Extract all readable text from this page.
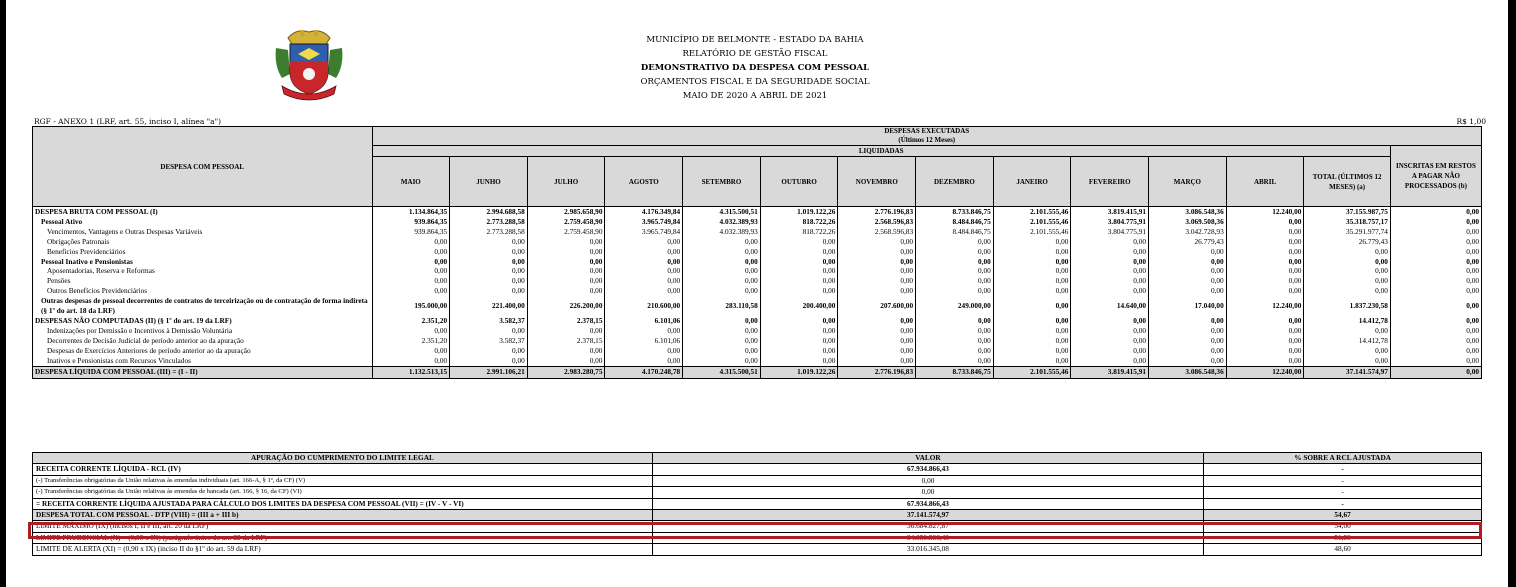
MUNICÍPIO DE BELMONTE - ESTADO DA BAHIA
RELATÓRIO DE GESTÃO FISCAL
DEMONSTRATIVO DA DESPESA COM PESSOAL
ORÇAMENTOS FISCAL E DA SEGURIDADE SOCIAL
MAIO DE 2020 A ABRIL DE 2021
RGF - ANEXO 1 (LRF, art. 55, inciso I, alínea "a")	R$ 1,00
DESPESA COM PESSOAL	DESPESAS EXECUTADAS
(Últimos 12 Meses)													

	LIQUIDADAS													INSCRITAS EM RESTOS A PAGAR NÃO PROCESSADOS (b)
	MAIO	JUNHO	JULHO	AGOSTO	SETEMBRO	OUTUBRO	NOVEMBRO	DEZEMBRO	JANEIRO	FEVEREIRO	MARÇO	ABRIL	TOTAL (ÚLTIMOS 12 MESES) (a)	
DESPESA BRUTA COM PESSOAL (I)	1.134.864,35	2.994.688,58	2.985.658,90	4.176.349,84	4.315.500,51	1.019.122,26	2.776.196,83	8.733.846,75	2.101.555,46	3.819.415,91	3.086.548,36	12.240,00	37.155.987,75	0,00
Pessoal Ativo	939.864,35	2.773.288,58	2.759.458,90	3.965.749,84	4.032.389,93	818.722,26	2.568.596,83	8.484.846,75	2.101.555,46	3.804.775,91	3.069.508,36	0,00	35.318.757,17	0,00
Vencimentos, Vantagens e Outras Despesas Variáveis	939.864,35	2.773.288,58	2.759.458,90	3.965.749,84	4.032.389,93	818.722,26	2.568.596,83	8.484.846,75	2.101.555,46	3.804.775,91	3.042.728,93	0,00	35.291.977,74	0,00
Obrigações Patronais	0,00	0,00	0,00	0,00	0,00	0,00	0,00	0,00	0,00	0,00	26.779,43	0,00	26.779,43	0,00
Benefícios Previdenciários	0,00	0,00	0,00	0,00	0,00	0,00	0,00	0,00	0,00	0,00	0,00	0,00	0,00	0,00
Pessoal Inativo e Pensionistas	0,00	0,00	0,00	0,00	0,00	0,00	0,00	0,00	0,00	0,00	0,00	0,00	0,00	0,00
Aposentadorias, Reserva e Reformas	0,00	0,00	0,00	0,00	0,00	0,00	0,00	0,00	0,00	0,00	0,00	0,00	0,00	0,00
Pensões	0,00	0,00	0,00	0,00	0,00	0,00	0,00	0,00	0,00	0,00	0,00	0,00	0,00	0,00
Outros Benefícios Previdenciários	0,00	0,00	0,00	0,00	0,00	0,00	0,00	0,00	0,00	0,00	0,00	0,00	0,00	0,00
Outras despesas de pessoal decorrentes de contratos de terceirização ou de contratação de forma indireta (§ 1º do art. 18 da LRF)	195.000,00	221.400,00	226.200,00	210.600,00	283.110,58	200.400,00	207.600,00	249.000,00	0,00	14.640,00	17.040,00	12.240,00	1.837.230,58	0,00
DESPESAS NÃO COMPUTADAS (II) (§ 1º do art. 19 da LRF)	2.351,20	3.582,37	2.378,15	6.101,06	0,00	0,00	0,00	0,00	0,00	0,00	0,00	0,00	14.412,78	0,00
Indenizações por Demissão e Incentivos à Demissão Voluntária	0,00	0,00	0,00	0,00	0,00	0,00	0,00	0,00	0,00	0,00	0,00	0,00	0,00	0,00
Decorrentes de Decisão Judicial de período anterior ao da apuração	2.351,20	3.582,37	2.378,15	6.101,06	0,00	0,00	0,00	0,00	0,00	0,00	0,00	0,00	14.412,78	0,00
Despesas de Exercícios Anteriores de período anterior ao da apuração	0,00	0,00	0,00	0,00	0,00	0,00	0,00	0,00	0,00	0,00	0,00	0,00	0,00	0,00
Inativos e Pensionistas com Recursos Vinculados	0,00	0,00	0,00	0,00	0,00	0,00	0,00	0,00	0,00	0,00	0,00	0,00	0,00	0,00
DESPESA LÍQUIDA COM PESSOAL (III) = (I - II)	1.132.513,15	2.991.106,21	2.983.280,75	4.170.248,78	4.315.500,51	1.019.122,26	2.776.196,83	8.733.846,75	2.101.555,46	3.819.415,91	3.086.548,36	12.240,00	37.141.574,97	0,00
APURAÇÃO DO CUMPRIMENTO DO LIMITE LEGAL	VALOR	% SOBRE A RCL AJUSTADA
RECEITA CORRENTE LÍQUIDA - RCL (IV)	67.934.866,43	-
(-) Transferências obrigatórias da União relativas às emendas individuais (art. 166-A, § 1º, da CF) (V)	0,00	-
(-) Transferências obrigatórias da União relativas às emendas de bancada (art. 166, § 16, da CF) (VI)	0,00	-
= RECEITA CORRENTE LÍQUIDA AJUSTADA PARA CÁLCULO DOS LIMITES DA DESPESA COM PESSOAL (VII) = (IV - V - VI)	67.934.866,43	-
DESPESA TOTAL COM PESSOAL - DTP (VIII) = (III a + III b)	37.141.574,97	54,67
LIMITE MÁXIMO (IX) (incisos I, II e III, art. 20 da LRF)	36.684.827,87	54,00
LIMITE PRUDENCIAL (X) = (0,95 x IX) (parágrafo único do art. 22 da LRF)	34.850.586,48	51,30
LIMITE DE ALERTA (XI) = (0,90 x IX) (inciso II do §1º do art. 59 da LRF)	33.016.345,08	48,60
